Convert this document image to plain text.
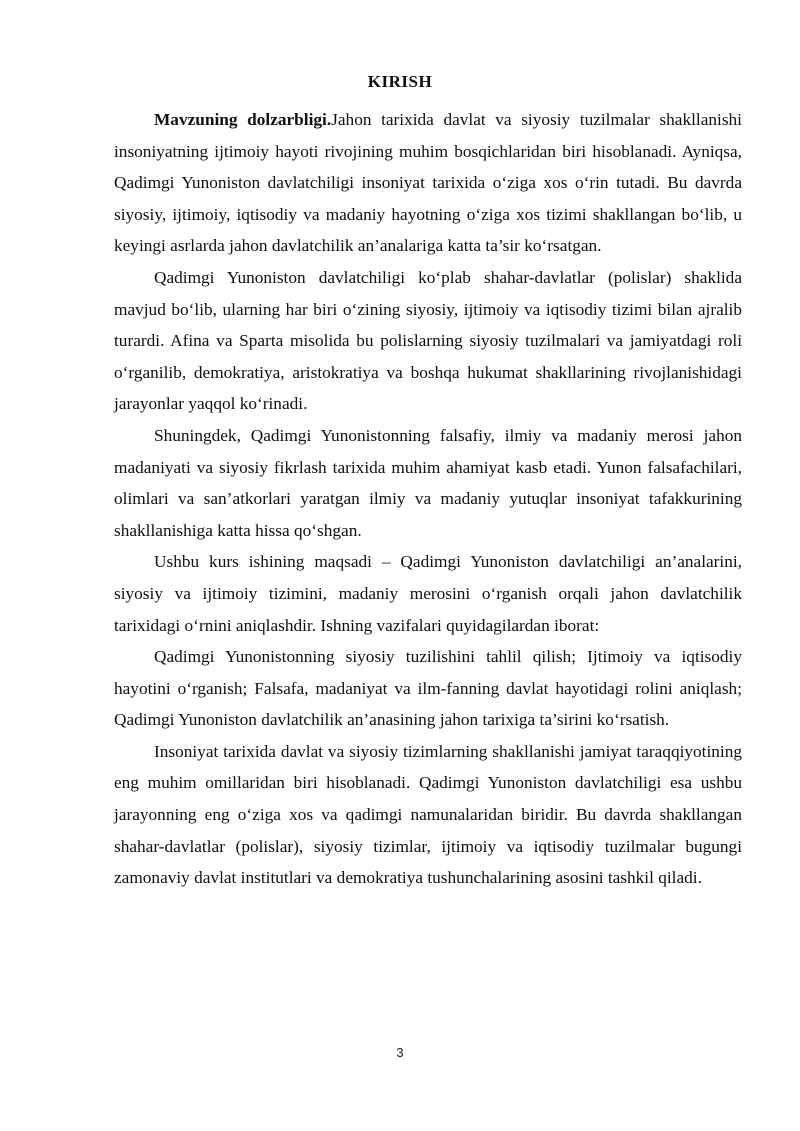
KIRISH

Mavzuning dolzarbligi.Jahon tarixida davlat va siyosiy tuzilmalar shakllanishi insoniyatning ijtimoiy hayoti rivojining muhim bosqichlaridan biri hisoblanadi. Ayniqsa, Qadimgi Yunoniston davlatchiligi insoniyat tarixida o‘ziga xos o‘rin tutadi. Bu davrda siyosiy, ijtimoiy, iqtisodiy va madaniy hayotning o‘ziga xos tizimi shakllangan bo‘lib, u keyingi asrlarda jahon davlatchilik an’analariga katta ta’sir ko‘rsatgan.

Qadimgi Yunoniston davlatchiligi ko‘plab shahar-davlatlar (polislar) shaklida mavjud bo‘lib, ularning har biri o‘zining siyosiy, ijtimoiy va iqtisodiy tizimi bilan ajralib turardi. Afina va Sparta misolida bu polislarning siyosiy tuzilmalari va jamiyatdagi roli o‘rganilib, demokratiya, aristokratiya va boshqa hukumat shakllarining rivojlanishidagi jarayonlar yaqqol ko‘rinadi.

Shuningdek, Qadimgi Yunonistonning falsafiy, ilmiy va madaniy merosi jahon madaniyati va siyosiy fikrlash tarixida muhim ahamiyat kasb etadi. Yunon falsafachilari, olimlari va san’atkorlari yaratgan ilmiy va madaniy yutuqlar insoniyat tafakkurining shakllanishiga katta hissa qo‘shgan.

Ushbu kurs ishining maqsadi – Qadimgi Yunoniston davlatchiligi an’analarini, siyosiy va ijtimoiy tizimini, madaniy merosini o‘rganish orqali jahon davlatchilik tarixidagi o‘rnini aniqlashdir. Ishning vazifalari quyidagilardan iborat:

Qadimgi Yunonistonning siyosiy tuzilishini tahlil qilish; Ijtimoiy va iqtisodiy hayotini o‘rganish; Falsafa, madaniyat va ilm-fanning davlat hayotidagi rolini aniqlash; Qadimgi Yunoniston davlatchilik an’anasining jahon tarixiga ta’sirini ko‘rsatish.

Insoniyat tarixida davlat va siyosiy tizimlarning shakllanishi jamiyat taraqqiyotining eng muhim omillaridan biri hisoblanadi. Qadimgi Yunoniston davlatchiligi esa ushbu jarayonning eng o‘ziga xos va qadimgi namunalaridan biridir. Bu davrda shakllangan shahar-davlatlar (polislar), siyosiy tizimlar, ijtimoiy va iqtisodiy tuzilmalar bugungi zamonaviy davlat institutlari va demokratiya tushunchalarining asosini tashkil qiladi.

3
